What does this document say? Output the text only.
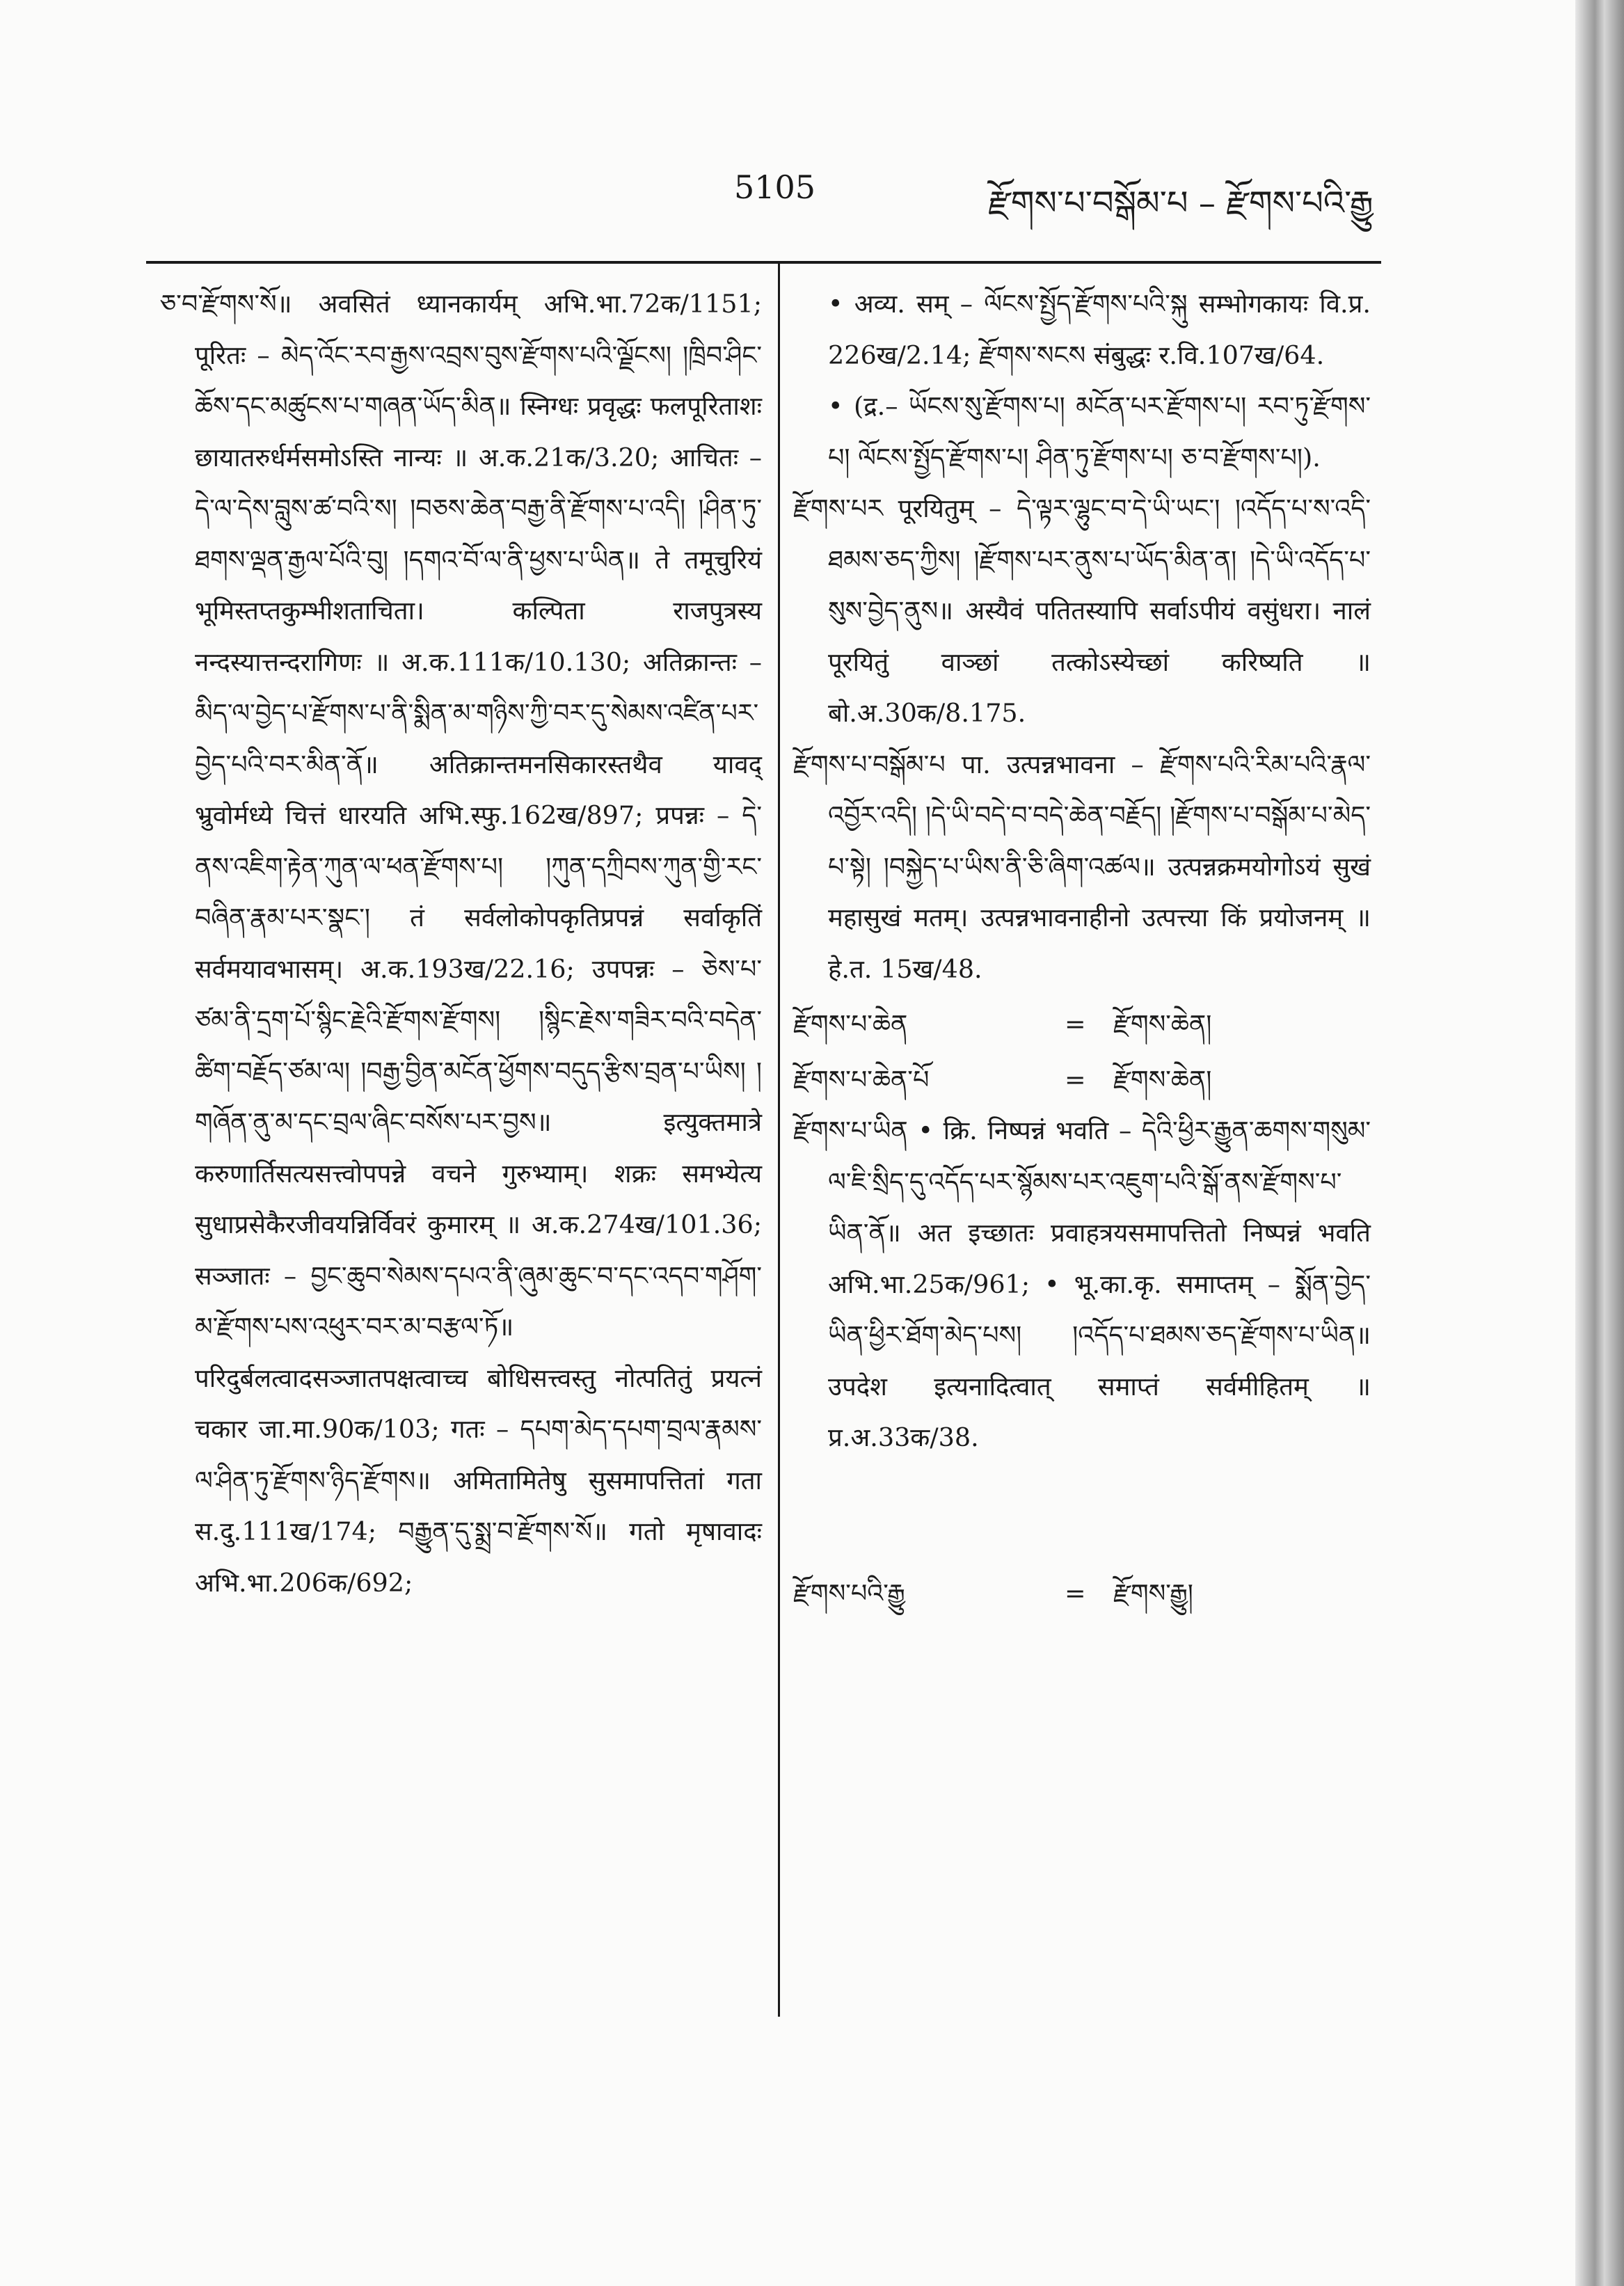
5105	རྫོགས་པ་བསྒོམ་པ – རྫོགས་པའི་རྒྱུ

ཅ་བ་རྫོགས་སོ॥ अवसितं ध्यानकार्यम् अभि.भा.72क/1151; पूरितः – མེད་འོང་རབ་རྒྱས་འབྲས་བུས་རྫོགས་པའི་ལྗོངས། །ཁྲིབ་ཤིང་ཆོས་དང་མཚུངས་པ་གཞན་ཡོད་མིན॥ स्निग्धः प्रवृद्धः फलपूरिताशः छायातरुर्धर्मसमोऽस्ति नान्यः ॥ अ.क.21क/3.20; आचितः – དེ་ལ་དེས་བླུས་ཚ་བའི་ས། །བཅས་ཆེན་བརྒྱ་ནི་རྫོགས་པ་འདི། །ཤིན་ཏུ་ཐགས་ལྡན་རྒྱལ་པོའི་བུ། །དགའ་བོ་ལ་ནི་ཕྱས་པ་ཡིན॥ ते तमूचुरियं भूमिस्तप्तकुम्भीशताचिता। कल्पिता राजपुत्रस्य नन्दस्यात्तन्दरागिणः ॥ अ.क.111क/10.130; अतिक्रान्तः – མིད་ལ་བྱེད་པ་རྫོགས་པ་ནི་སྨིན་མ་གཉིས་ཀྱི་བར་དུ་སེམས་འཛིན་པར་བྱེད་པའི་བར་མིན་ནོ॥ अतिक्रान्तमनसिकारस्तथैव यावद् भ्रुवोर्मध्ये चित्तं धारयति अभि.स्फु.162ख/897; प्रपन्नः – དེ་ནས་འཇིག་རྟེན་ཀུན་ལ་ཕན་རྫོགས་པ། །ཀུན་དཀྲིབས་ཀུན་གྱི་རང་བཞིན་རྣམ་པར་སྣང༌། तं सर्वलोकोपकृतिप्रपन्नं सर्वाकृतिं सर्वमयावभासम्। अ.क.193ख/22.16; उपपन्नः – ཅེས་པ་ཙམ་ནི་དྲག་པོ་སྙིང་རྗེའི་རྫོགས་རྫོགས། །སྙིང་རྗེས་གཟིར་བའི་བདེན་ཚིག་བརྗོད་ཙམ་ལ། །བརྒྱ་བྱིན་མངོན་ཕྱོགས་བདུད་རྩིས་བྲན་པ་ཡིས། །གཞོན་ནུ་མ་དང་བྲལ་ཞིང་བསོས་པར་བྱས॥ इत्युक्तमात्रे करुणार्तिसत्यसत्त्वोपपन्ने वचने गुरुभ्याम्। शक्रः समभ्येत्य सुधाप्रसेकैरजीवयन्निर्विवरं कुमारम् ॥ अ.क.274ख/101.36; सञ्जातः – བྱང་ཆུབ་སེམས་དཔའ་ནི་ཞུམ་ཆུང་བ་དང་འདབ་གཤོག་མ་རྫོགས་པས་འཕུར་བར་མ་བརྩལ་ཏོ॥ परिदुर्बलत्वादसञ्जातपक्षत्वाच्च बोधिसत्त्वस्तु नोत्पतितुं प्रयत्नं चकार जा.मा.90क/103; गतः – དཔག་མེད་དཔག་བྲལ་རྣམས་ལ་ཤིན་ཏུ་རྫོགས་ཉིད་རྫོགས॥ अमितामितेषु सुसमापत्तितां गता स.दु.111ख/174; བརྒྱུན་དུ་སྨྲ་བ་རྫོགས་སོ॥ गतो मृषावादः अभि.भा.206क/692;

• अव्य. सम् – ལོངས་སྤྱོད་རྫོགས་པའི་སྐུ सम्भोगकायः वि.प्र. 226ख/2.14; རྫོགས་སངས संबुद्धः र.वि.107ख/64.

• (द्र.– ཡོངས་སུ་རྫོགས་པ། མངོན་པར་རྫོགས་པ། རབ་ཏུ་རྫོགས་པ། ལོངས་སྤྱོད་རྫོགས་པ། ཤིན་ཏུ་རྫོགས་པ། ཅ་བ་རྫོགས་པ།).

རྫོགས་པར पूरयितुम् – དེ་ལྟར་ལྷུང་བ་དེ་ཡི་ཡང༌། །འདོད་པ་ས་འདི་ཐམས་ཅད་ཀྱིས། །རྫོགས་པར་ནུས་པ་ཡོད་མིན་ན། །དེ་ཡི་འདོད་པ་སུས་བྱེད་ནུས॥ अस्यैवं पतितस्यापि सर्वाऽपीयं वसुंधरा। नालं पूरयितुं वाञ्छां तत्कोऽस्येच्छां करिष्यति ॥ बो.अ.30क/8.175.

རྫོགས་པ་བསྒོམ་པ पा. उत्पन्नभावना – རྫོགས་པའི་རིམ་པའི་རྣལ་འབྱོར་འདི། །དེ་ཡི་བདེ་བ་བདེ་ཆེན་བརྗོད། །རྫོགས་པ་བསྒོམ་པ་མེད་པ་སྟེ། །བསྐྱེད་པ་ཡིས་ནི་ཅི་ཞིག་འཚལ॥ उत्पन्नक्रमयोगोऽयं सुखं महासुखं मतम्। उत्पन्नभावनाहीनो उत्पत्त्या किं प्रयोजनम् ॥ हे.त. 15ख/48.

རྫོགས་པ་ཆེན	=	རྫོགས་ཆེན།
རྫོགས་པ་ཆེན་པོ	=	རྫོགས་ཆེན།

རྫོགས་པ་ཡིན • क्रि. निष्पन्नं भवति – དེའི་ཕྱིར་རྒྱུན་ཆགས་གསུམ་ལ་ཇི་སྲིད་དུ་འདོད་པར་སྙོམས་པར་འཇུག་པའི་སྒོ་ནས་རྫོགས་པ་ཡིན་ནོ॥ अत इच्छातः प्रवाहत्रयसमापत्तितो निष्पन्नं भवति अभि.भा.25क/961; • भू.का.कृ. समाप्तम् – སྨོན་བྱེད་ཡིན་ཕྱིར་ཐོག་མེད་པས། །འདོད་པ་ཐམས་ཅད་རྫོགས་པ་ཡིན॥ उपदेश इत्यनादित्वात् समाप्तं सर्वमीहितम् ॥ प्र.अ.33क/38.

རྫོགས་པའི་རྒྱུ	=	རྫོགས་རྒྱུ།
